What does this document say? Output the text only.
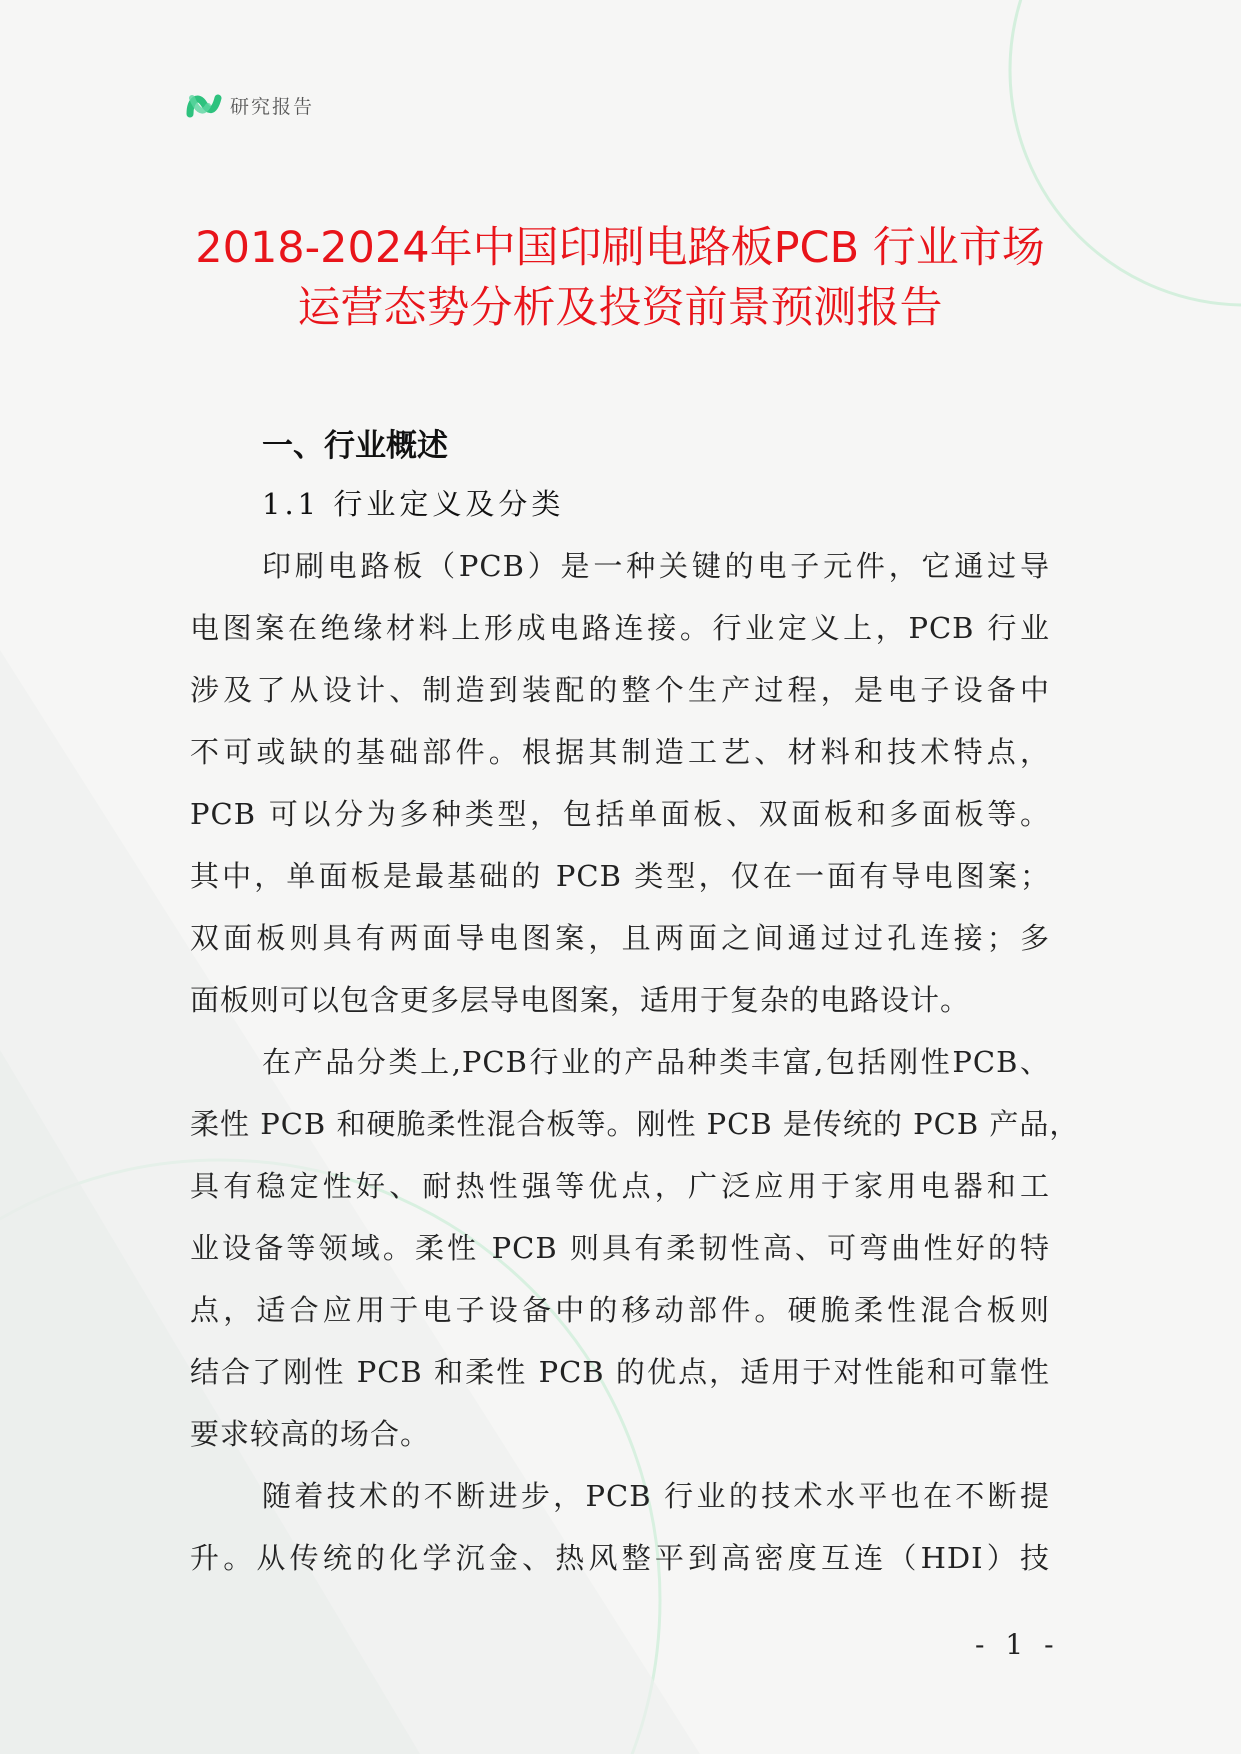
研究报告
2018-2024年中国印刷电路板PCB 行业市场
运营态势分析及投资前景预测报告
一、行业概述
1.1 行业定义及分类
印刷电路板（PCB）是一种关键的电子元件，它通过导
电图案在绝缘材料上形成电路连接。行业定义上，PCB 行业
涉及了从设计、制造到装配的整个生产过程，是电子设备中
不可或缺的基础部件。根据其制造工艺、材料和技术特点，
PCB 可以分为多种类型，包括单面板、双面板和多面板等。
其中，单面板是最基础的 PCB 类型，仅在一面有导电图案；
双面板则具有两面导电图案，且两面之间通过过孔连接；多
面板则可以包含更多层导电图案，适用于复杂的电路设计。
在产品分类上,PCB行业的产品种类丰富,包括刚性PCB、
柔性 PCB 和硬脆柔性混合板等。刚性 PCB 是传统的 PCB 产品，
具有稳定性好、耐热性强等优点，广泛应用于家用电器和工
业设备等领域。柔性 PCB 则具有柔韧性高、可弯曲性好的特
点，适合应用于电子设备中的移动部件。硬脆柔性混合板则
结合了刚性 PCB 和柔性 PCB 的优点，适用于对性能和可靠性
要求较高的场合。
随着技术的不断进步，PCB 行业的技术水平也在不断提
升。从传统的化学沉金、热风整平到高密度互连（HDI）技
- 1 -
